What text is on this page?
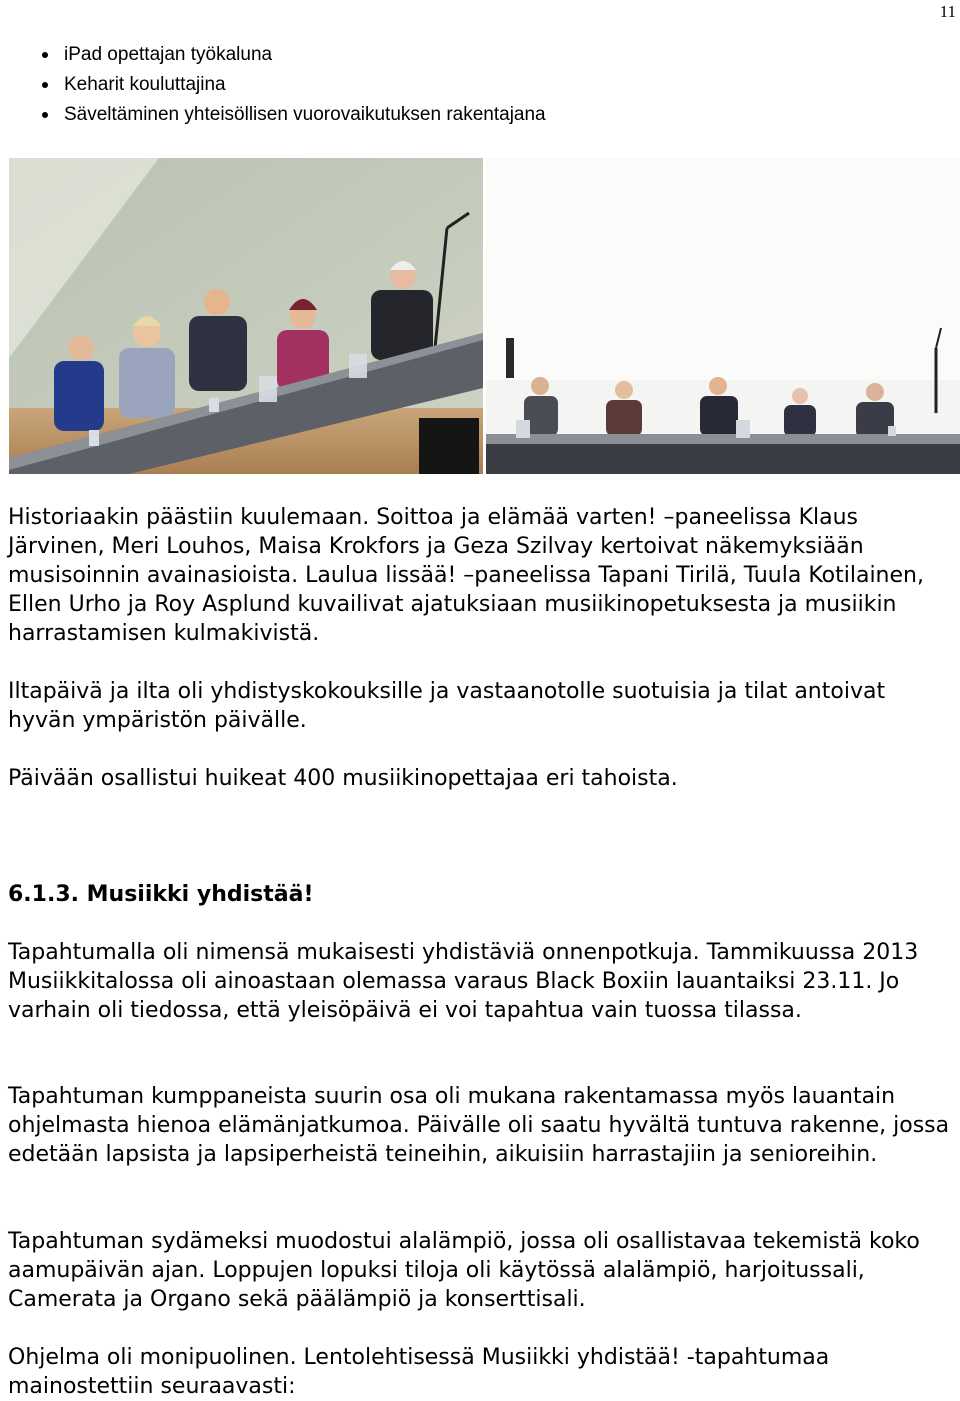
11
iPad opettajan työkaluna
Keharit kouluttajina
Säveltäminen yhteisöllisen vuorovaikutuksen rakentajana

Historiaakin päästiin kuulemaan. Soittoa ja elämää varten! –paneelissa Klaus Järvinen, Meri Louhos, Maisa Krokfors ja Geza Szilvay kertoivat näkemyksiään musisoinnin avainasioista. Laulua lissää! –paneelissa Tapani Tirilä, Tuula Kotilainen, Ellen Urho ja Roy Asplund kuvailivat ajatuksiaan musiikinopetuksesta ja musiikin harrastamisen kulmakivistä.

Iltapäivä ja ilta oli yhdistyskokouksille ja vastaanotolle suotuisia ja tilat antoivat hyvän ympäristön päivälle.

Päivään osallistui huikeat 400 musiikinopettajaa eri tahoista.

6.1.3. Musiikki yhdistää!

Tapahtumalla oli nimensä mukaisesti yhdistäviä onnenpotkuja. Tammikuussa 2013 Musiikkitalossa oli ainoastaan olemassa varaus Black Boxiin lauantaiksi 23.11. Jo varhain oli tiedossa, että yleisöpäivä ei voi tapahtua vain tuossa tilassa.

Tapahtuman kumppaneista suurin osa oli mukana rakentamassa myös lauantain ohjelmasta hienoa elämänjatkumoa. Päivälle oli saatu hyvältä tuntuva rakenne, jossa edetään lapsista ja lapsiperheistä teineihin, aikuisiin harrastajiin ja senioreihin.

Tapahtuman sydämeksi muodostui alalämpiö, jossa oli osallistavaa tekemistä koko aamupäivän ajan. Loppujen lopuksi tiloja oli käytössä alalämpiö, harjoitussali, Camerata ja Organo sekä päälämpiö ja konserttisali.

Ohjelma oli monipuolinen. Lentolehtisessä Musiikki yhdistää! -tapahtumaa mainostettiin seuraavasti:
